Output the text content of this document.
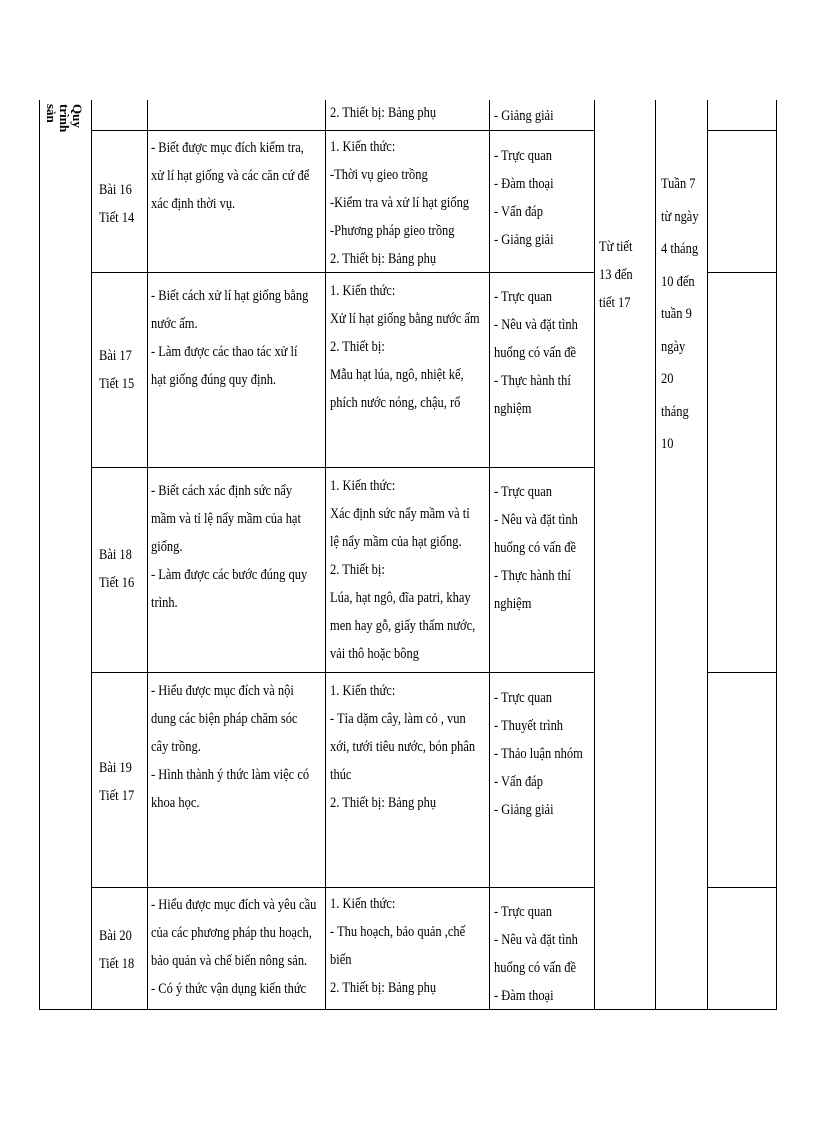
Quy
trình
sản	2. Thiết bị: Bảng phụ	- Giảng giải
Bài 16
Tiết 14
- Biết được mục đích kiểm tra,
xử lí hạt giống và các căn cứ để
xác định thời vụ.
1. Kiến thức:
-Thời vụ gieo trồng
-Kiểm tra và xử lí hạt giống
-Phương pháp gieo trồng
2. Thiết bị: Bảng phụ
- Trực quan
- Đàm thoại
- Vấn đáp
- Giảng giải
Bài 17
Tiết 15
- Biết cách xử lí hạt giống bằng
nước ấm.
- Làm được các thao tác xử lí
hạt giống đúng quy định.
1. Kiến thức:
Xử lí hạt giống bằng nước ấm
2. Thiết bị:
Mẫu hạt lúa, ngô, nhiệt kế,
phích nước nóng, chậu, rổ
- Trực quan
- Nêu và đặt tình
huống có vấn đề
- Thực hành thí
nghiệm
Bài 18
Tiết 16
- Biết cách xác định sức nẩy
mầm và tỉ lệ nẩy mầm của hạt
giống.
- Làm được các bước đúng quy
trình.
1. Kiến thức:
Xác định sức nẩy mầm và tỉ
lệ nẩy mầm của hạt giống.
2. Thiết bị:
Lúa, hạt ngô, đĩa patri, khay
men hay gỗ, giấy thấm nước,
vải thô hoặc bông
- Trực quan
- Nêu và đặt tình
huống có vấn đề
- Thực hành thí
nghiệm
Bài 19
Tiết 17
- Hiểu được mục đích và nội
dung các biện pháp chăm sóc
cây trồng.
- Hình thành ý thức làm việc có
khoa học.
1. Kiến thức:
- Tỉa dặm cây, làm cỏ , vun
xới, tưới tiêu nước, bón phân
thúc
2. Thiết bị: Bảng phụ
- Trực quan
- Thuyết trình
- Thảo luận nhóm
- Vấn đáp
- Giảng giải
Bài 20
Tiết 18
- Hiểu được mục đích và yêu cầu
của các phương pháp thu hoạch,
bảo quản và chế biến nông sản.
- Có ý thức vận dụng kiến thức
1. Kiến thức:
- Thu hoạch, bảo quản ,chế
biến
2. Thiết bị: Bảng phụ
- Trực quan
- Nêu và đặt tình
huống có vấn đề
- Đàm thoại
Từ tiết
13 đến
tiết 17
Tuần 7
từ ngày
4 tháng
10 đến
tuần 9
ngày
20
tháng
10
